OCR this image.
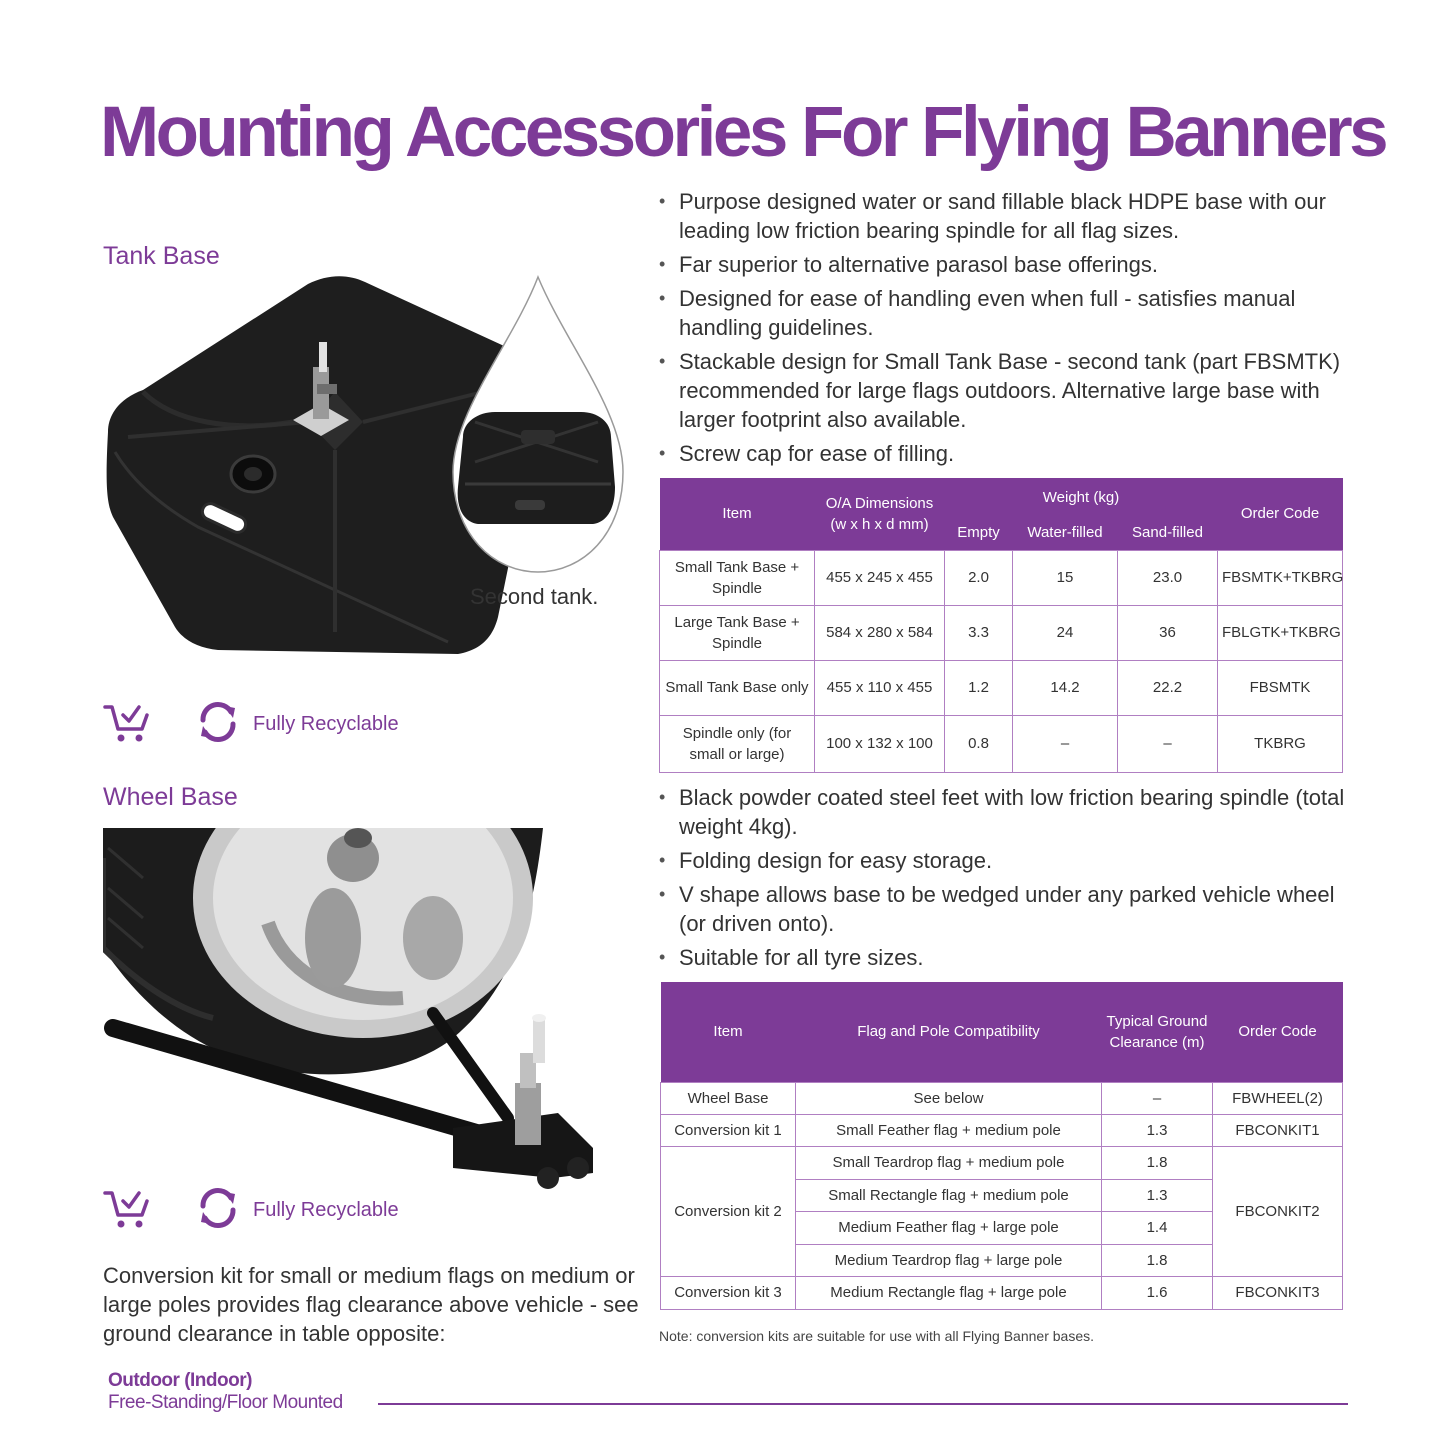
Mounting Accessories For Flying Banners
Tank Base
Second tank.
Fully Recyclable
• Purpose designed water or sand fillable black HDPE base with our leading low friction bearing spindle for all flag sizes.
• Far superior to alternative parasol base offerings.
• Designed for ease of handling even when full - satisfies manual handling guidelines.
• Stackable design for Small Tank Base - second tank (part FBSMTK) recommended for large flags outdoors. Alternative large base with larger footprint also available.
• Screw cap for ease of filling.
Item	O/A Dimensions (w x h x d mm)	Weight (kg)			Order Code
		Empty	Water-filled	Sand-filled	
Small Tank Base + Spindle	455 x 245 x 455	2.0	15	23.0	FBSMTK+TKBRG
Large Tank Base + Spindle	584 x 280 x 584	3.3	24	36	FBLGTK+TKBRG
Small Tank Base only	455 x 110 x 455	1.2	14.2	22.2	FBSMTK
Spindle only (for small or large)	100 x 132 x 100	0.8	–	–	TKBRG
Wheel Base
Fully Recyclable
Conversion kit for small or medium flags on medium or large poles provides flag clearance above vehicle - see ground clearance in table opposite:
• Black powder coated steel feet with low friction bearing spindle (total weight 4kg).
• Folding design for easy storage.
• V shape allows base to be wedged under any parked vehicle wheel (or driven onto).
• Suitable for all tyre sizes.
Item	Flag and Pole Compatibility	Typical Ground Clearance (m)	Order Code
Wheel Base	See below	–	FBWHEEL(2)
Conversion kit 1	Small Feather flag + medium pole	1.3	FBCONKIT1
Conversion kit 2	Small Teardrop flag + medium pole	1.8	FBCONKIT2
	Small Rectangle flag + medium pole	1.3	
	Medium Feather flag + large pole	1.4	
	Medium Teardrop flag + large pole	1.8	
Conversion kit 3	Medium Rectangle flag + large pole	1.6	FBCONKIT3
Note: conversion kits are suitable for use with all Flying Banner bases.
Outdoor (Indoor)
Free-Standing/Floor Mounted
